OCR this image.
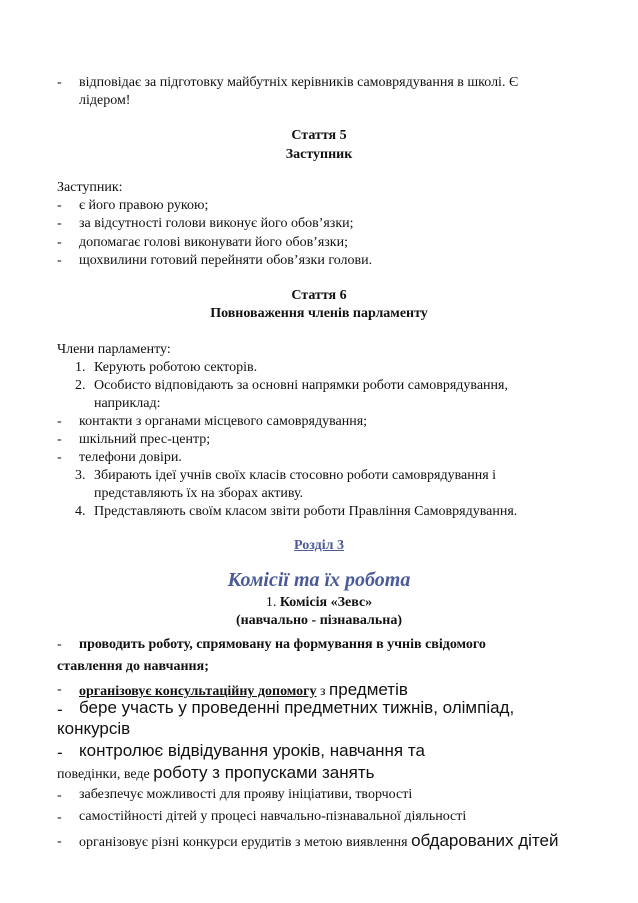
- відповідає за підготовку майбутніх керівників самоврядування в школі. Є
лідером!
Стаття 5
Заступник
Заступник:
- є його правою рукою;
- за відсутності голови виконує його обов’язки;
- допомагає голові виконувати його обов’язки;
- щохвилини готовий перейняти обов’язки голови.
Стаття 6
Повноваження членів парламенту
Члени парламенту:
1. Керують роботою секторів.
2. Особисто відповідають за основні напрямки роботи самоврядування,
наприклад:
- контакти з органами місцевого самоврядування;
- шкільний прес-центр;
- телефони довіри.
3. Збирають ідеї учнів своїх класів стосовно роботи самоврядування і
представляють їх на зборах активу.
4. Представляють своїм класом звіти роботи Правління Самоврядування.
Розділ 3
Комісії та їх робота
1. Комісія «Зевс»
(навчально - пізнавальна)
- проводить роботу, спрямовану на формування в учнів свідомого
ставлення до навчання;
- організовує консультаційну допомогу з предметів
- бере участь у проведенні предметних тижнів, олімпіад,
конкурсів
- контролює відвідування уроків, навчання та
поведінки, веде роботу з пропусками занять
- забезпечує можливості для прояву ініціативи, творчості
- самостійності дітей у процесі навчально-пізнавальної діяльності
- організовує різні конкурси ерудитів з метою виявлення обдарованих дітей
